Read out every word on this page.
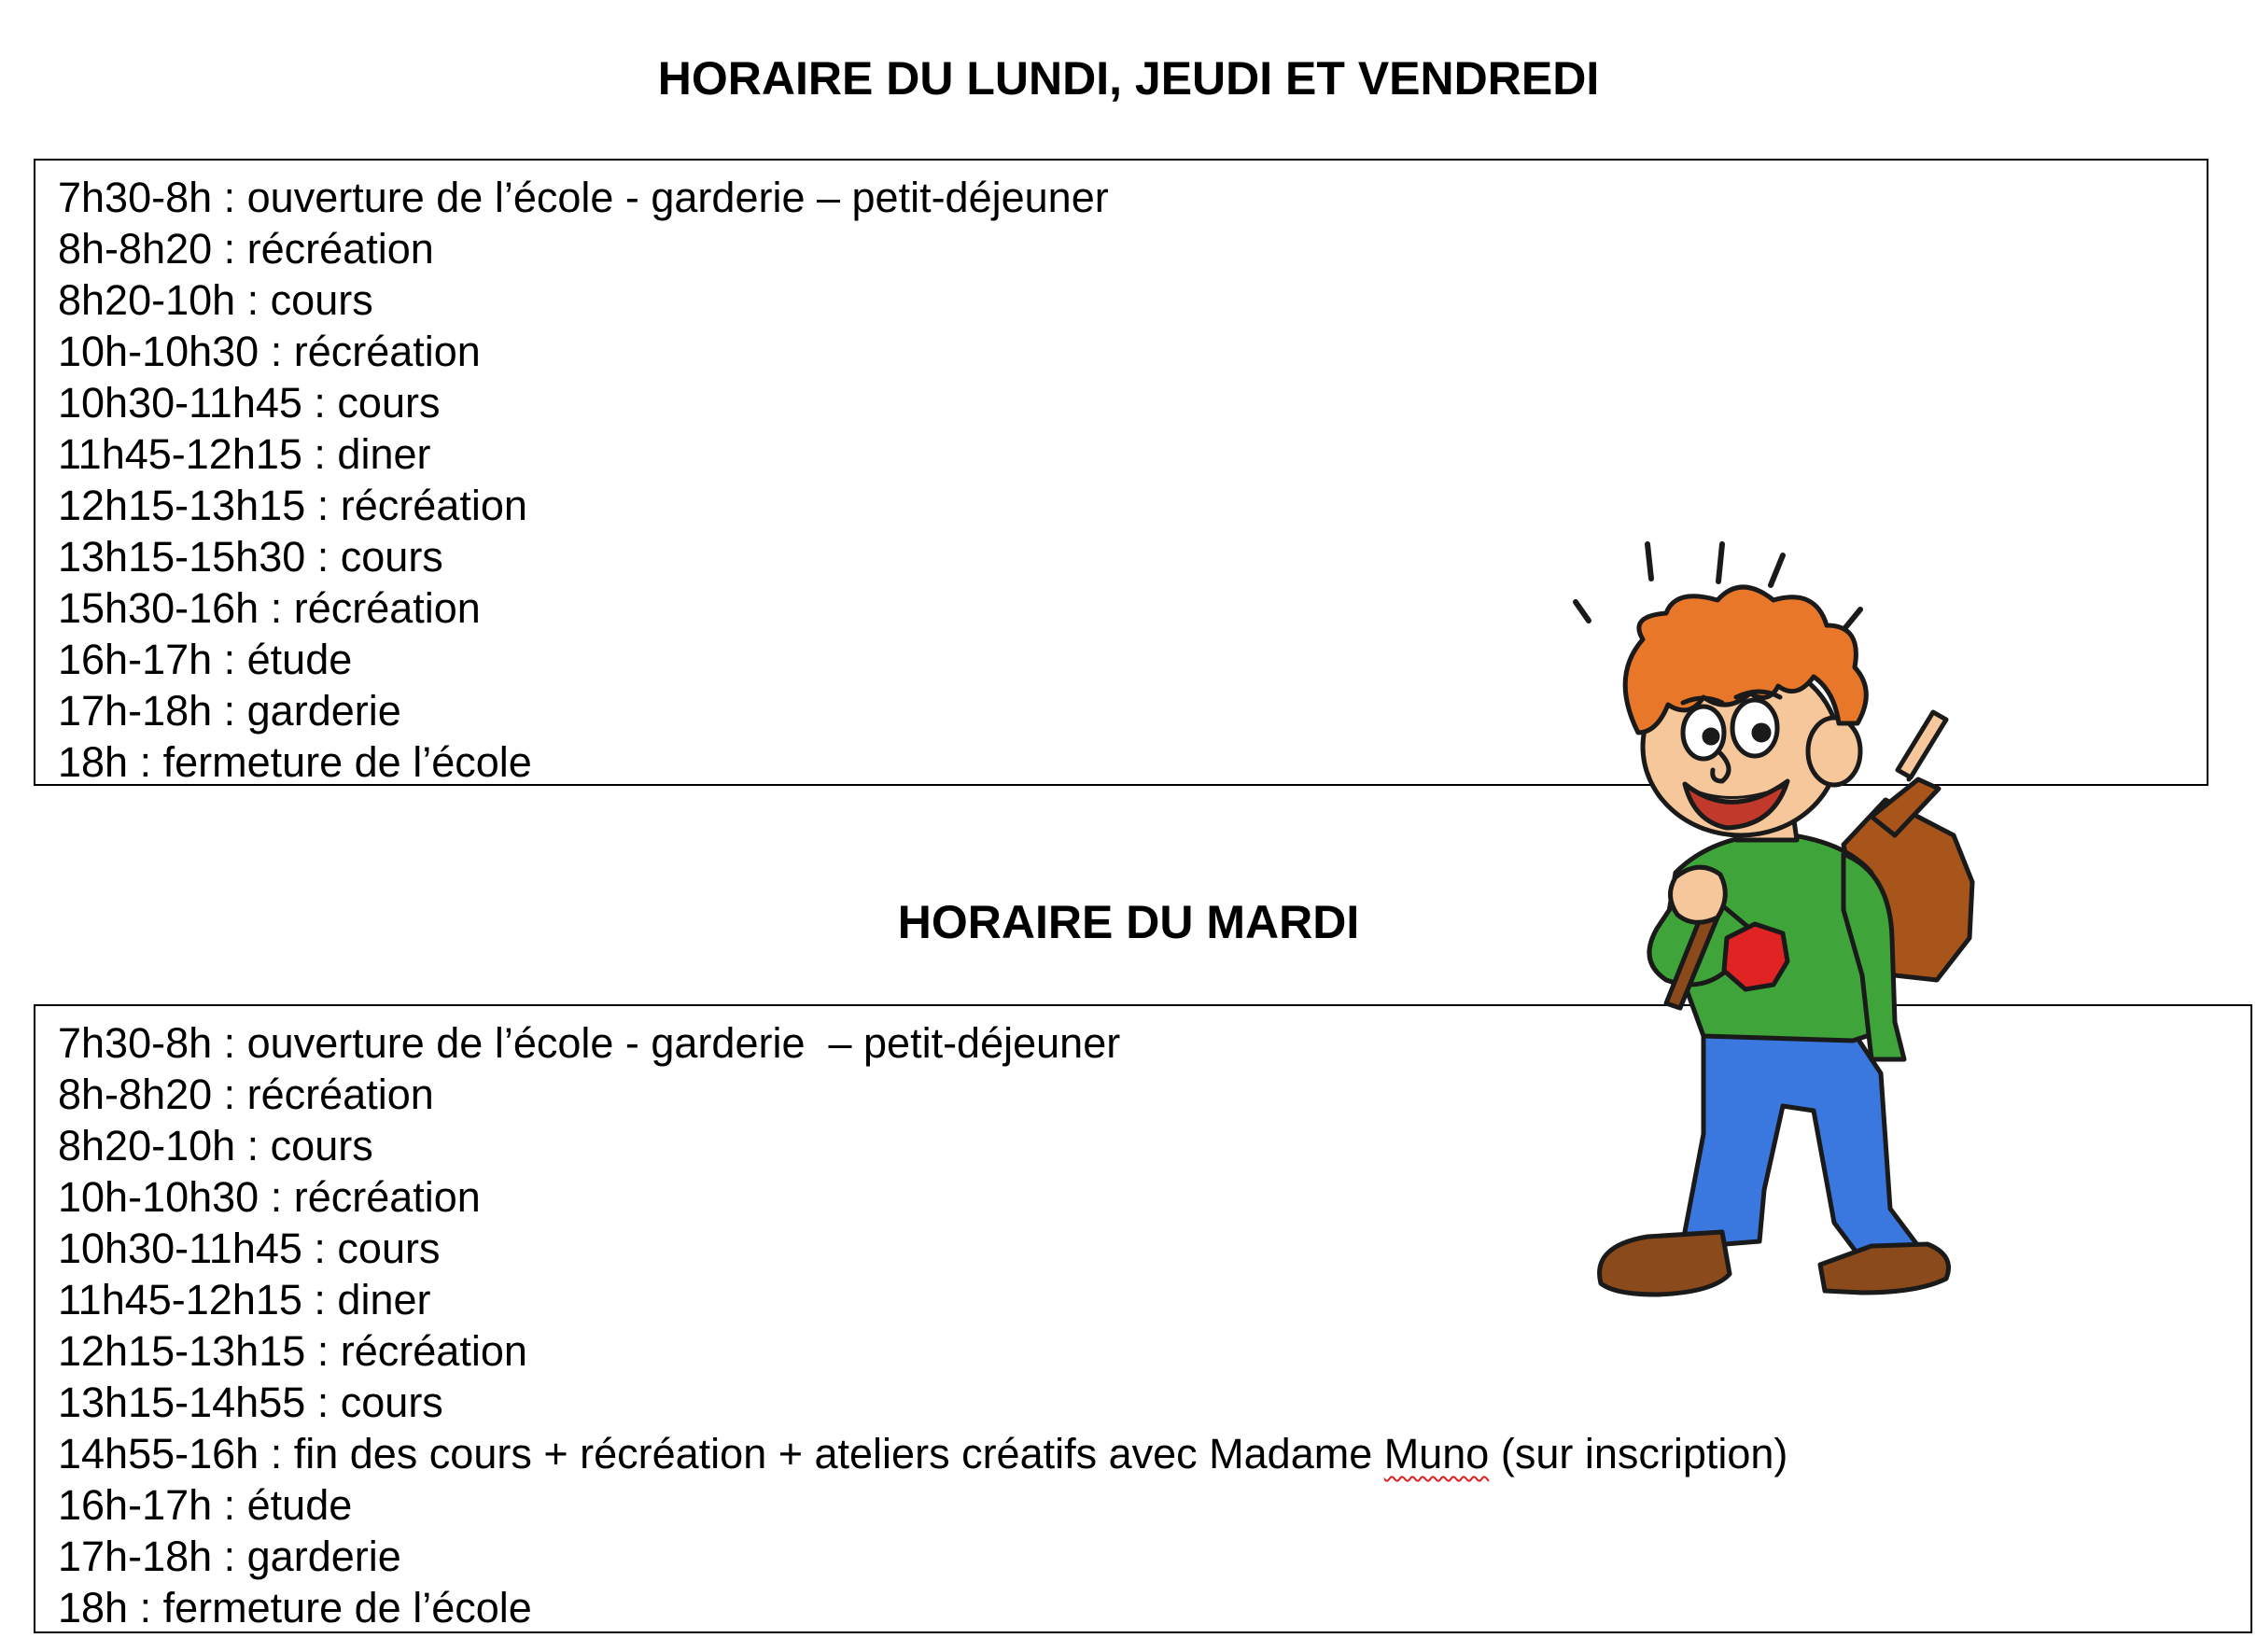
HORAIRE DU LUNDI, JEUDI ET VENDREDI
7h30-8h : ouverture de l’école - garderie – petit-déjeuner
8h-8h20 : récréation
8h20-10h : cours
10h-10h30 : récréation
10h30-11h45 : cours
11h45-12h15 : diner
12h15-13h15 : récréation
13h15-15h30 : cours
15h30-16h : récréation
16h-17h : étude
17h-18h : garderie
18h : fermeture de l’école
HORAIRE DU MARDI
7h30-8h : ouverture de l’école - garderie  – petit-déjeuner
8h-8h20 : récréation
8h20-10h : cours
10h-10h30 : récréation
10h30-11h45 : cours
11h45-12h15 : diner
12h15-13h15 : récréation
13h15-14h55 : cours
14h55-16h : fin des cours + récréation + ateliers créatifs avec Madame Muno (sur inscription)
16h-17h : étude
17h-18h : garderie
18h : fermeture de l’école
